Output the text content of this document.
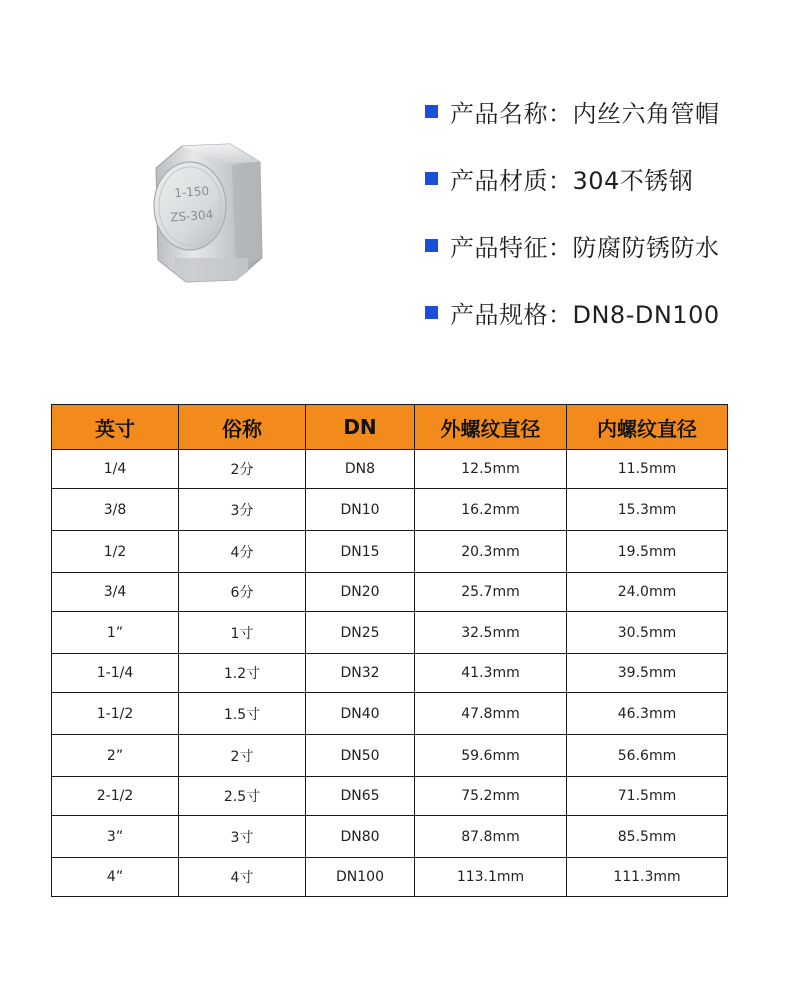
1-150
ZS-304
产品名称：内丝六角管帽
产品材质：304不锈钢
产品特征：防腐防锈防水
产品规格：DN8-DN100
英寸	俗称	DN	外螺纹直径	内螺纹直径
1/4	2分	DN8	12.5mm	11.5mm
3/8	3分	DN10	16.2mm	15.3mm
1/2	4分	DN15	20.3mm	19.5mm
3/4	6分	DN20	25.7mm	24.0mm
1”	1寸	DN25	32.5mm	30.5mm
1-1/4	1.2寸	DN32	41.3mm	39.5mm
1-1/2	1.5寸	DN40	47.8mm	46.3mm
2”	2寸	DN50	59.6mm	56.6mm
2-1/2	2.5寸	DN65	75.2mm	71.5mm
3”	3寸	DN80	87.8mm	85.5mm
4”	4寸	DN100	113.1mm	111.3mm
